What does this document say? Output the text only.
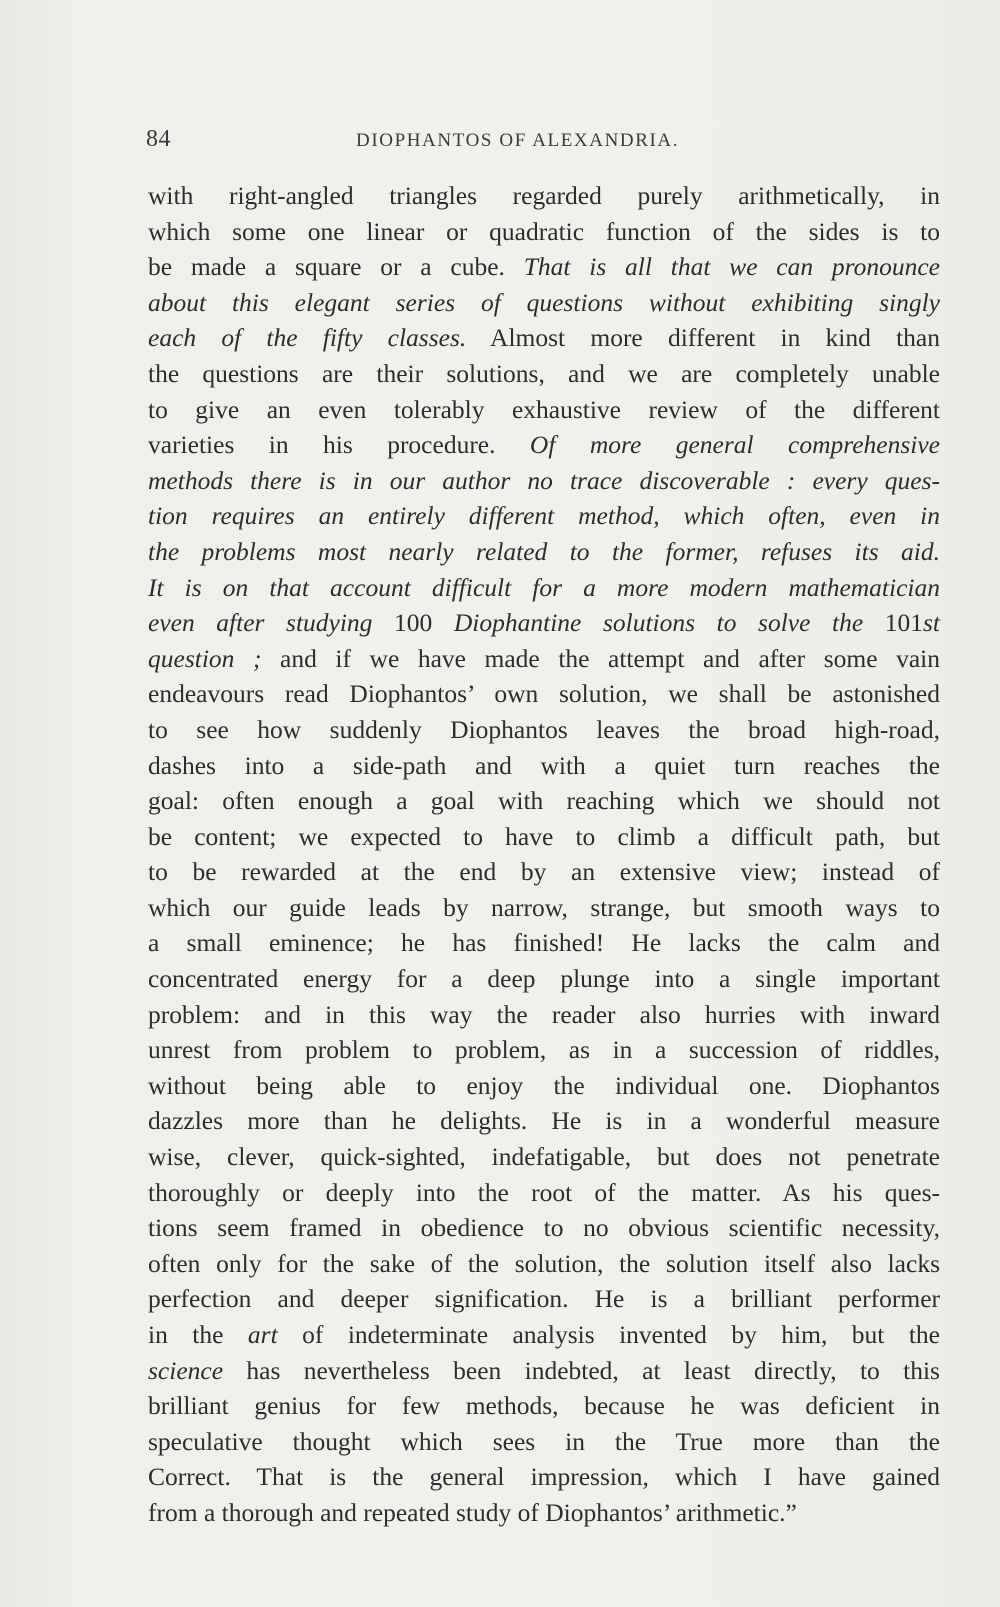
84	DIOPHANTOS OF ALEXANDRIA.
with right-angled triangles regarded purely arithmetically, in
which some one linear or quadratic function of the sides is to
be made a square or a cube. That is all that we can pronounce
about this elegant series of questions without exhibiting singly
each of the fifty classes. Almost more different in kind than
the questions are their solutions, and we are completely unable
to give an even tolerably exhaustive review of the different
varieties in his procedure. Of more general comprehensive
methods there is in our author no trace discoverable : every ques-
tion requires an entirely different method, which often, even in
the problems most nearly related to the former, refuses its aid.
It is on that account difficult for a more modern mathematician
even after studying 100 Diophantine solutions to solve the 101st
question ; and if we have made the attempt and after some vain
endeavours read Diophantos’ own solution, we shall be astonished
to see how suddenly Diophantos leaves the broad high-road,
dashes into a side-path and with a quiet turn reaches the
goal: often enough a goal with reaching which we should not
be content; we expected to have to climb a difficult path, but
to be rewarded at the end by an extensive view; instead of
which our guide leads by narrow, strange, but smooth ways to
a small eminence; he has finished! He lacks the calm and
concentrated energy for a deep plunge into a single important
problem: and in this way the reader also hurries with inward
unrest from problem to problem, as in a succession of riddles,
without being able to enjoy the individual one. Diophantos
dazzles more than he delights. He is in a wonderful measure
wise, clever, quick-sighted, indefatigable, but does not penetrate
thoroughly or deeply into the root of the matter. As his ques-
tions seem framed in obedience to no obvious scientific necessity,
often only for the sake of the solution, the solution itself also lacks
perfection and deeper signification. He is a brilliant performer
in the art of indeterminate analysis invented by him, but the
science has nevertheless been indebted, at least directly, to this
brilliant genius for few methods, because he was deficient in
speculative thought which sees in the True more than the
Correct. That is the general impression, which I have gained
from a thorough and repeated study of Diophantos’ arithmetic.”
